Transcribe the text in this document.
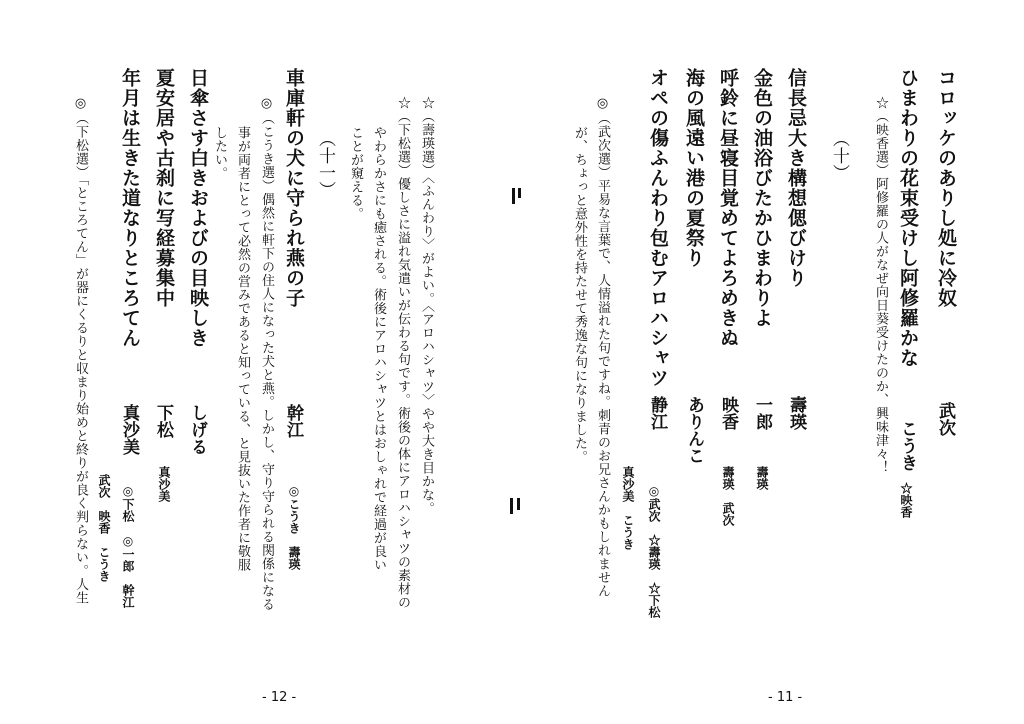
コロッケのありし処に冷奴
武次
ひまわりの花束受けし阿修羅かな
こうき
☆映香
☆（映香選）阿修羅の人がなぜ向日葵受けたのか、興味津々！
（十）
信長忌大き構想偲びけり
壽瑛
金色の油浴びたかひまわりよ
一郎
壽瑛
呼鈴に昼寝目覚めてよろめきぬ
映香
壽瑛　武次
海の風遠い港の夏祭り
ありんこ
オペの傷ふんわり包むアロハシャツ
静江
◎武次　☆壽瑛　☆下松
真沙美　こうき
◎（武次選）平易な言葉で、人情溢れた句ですね。刺青のお兄さんかもしれません
が、ちょっと意外性を持たせて秀逸な句になりました。
- 11 -
☆（壽瑛選）〈ふんわり〉がよい。〈アロハシャツ〉やや大き目かな。
☆（下松選）優しさに溢れ気遣いが伝わる句です。術後の体にアロハシャツの素材の
やわらかさにも癒される。術後にアロハシャツとはおしゃれで経過が良い
ことが窺える。
（十一）
車庫軒の犬に守られ燕の子
幹江
◎こうき　壽瑛
◎（こうき選）偶然に軒下の住人になった犬と燕。しかし、守り守られる関係になる
事が両者にとって必然の営みであると知っている、と見抜いた作者に敬服
したい。
日傘さす白きおよびの目映しき
しげる
夏安居や古刹に写経募集中
下松
真沙美
年月は生きた道なりところてん
真沙美
◎下松　◎一郎　幹江
武次　映香　こうき
◎（下松選）「ところてん」が器にくるりと収まり始めと終りが良く判らない。人生
- 12 -
